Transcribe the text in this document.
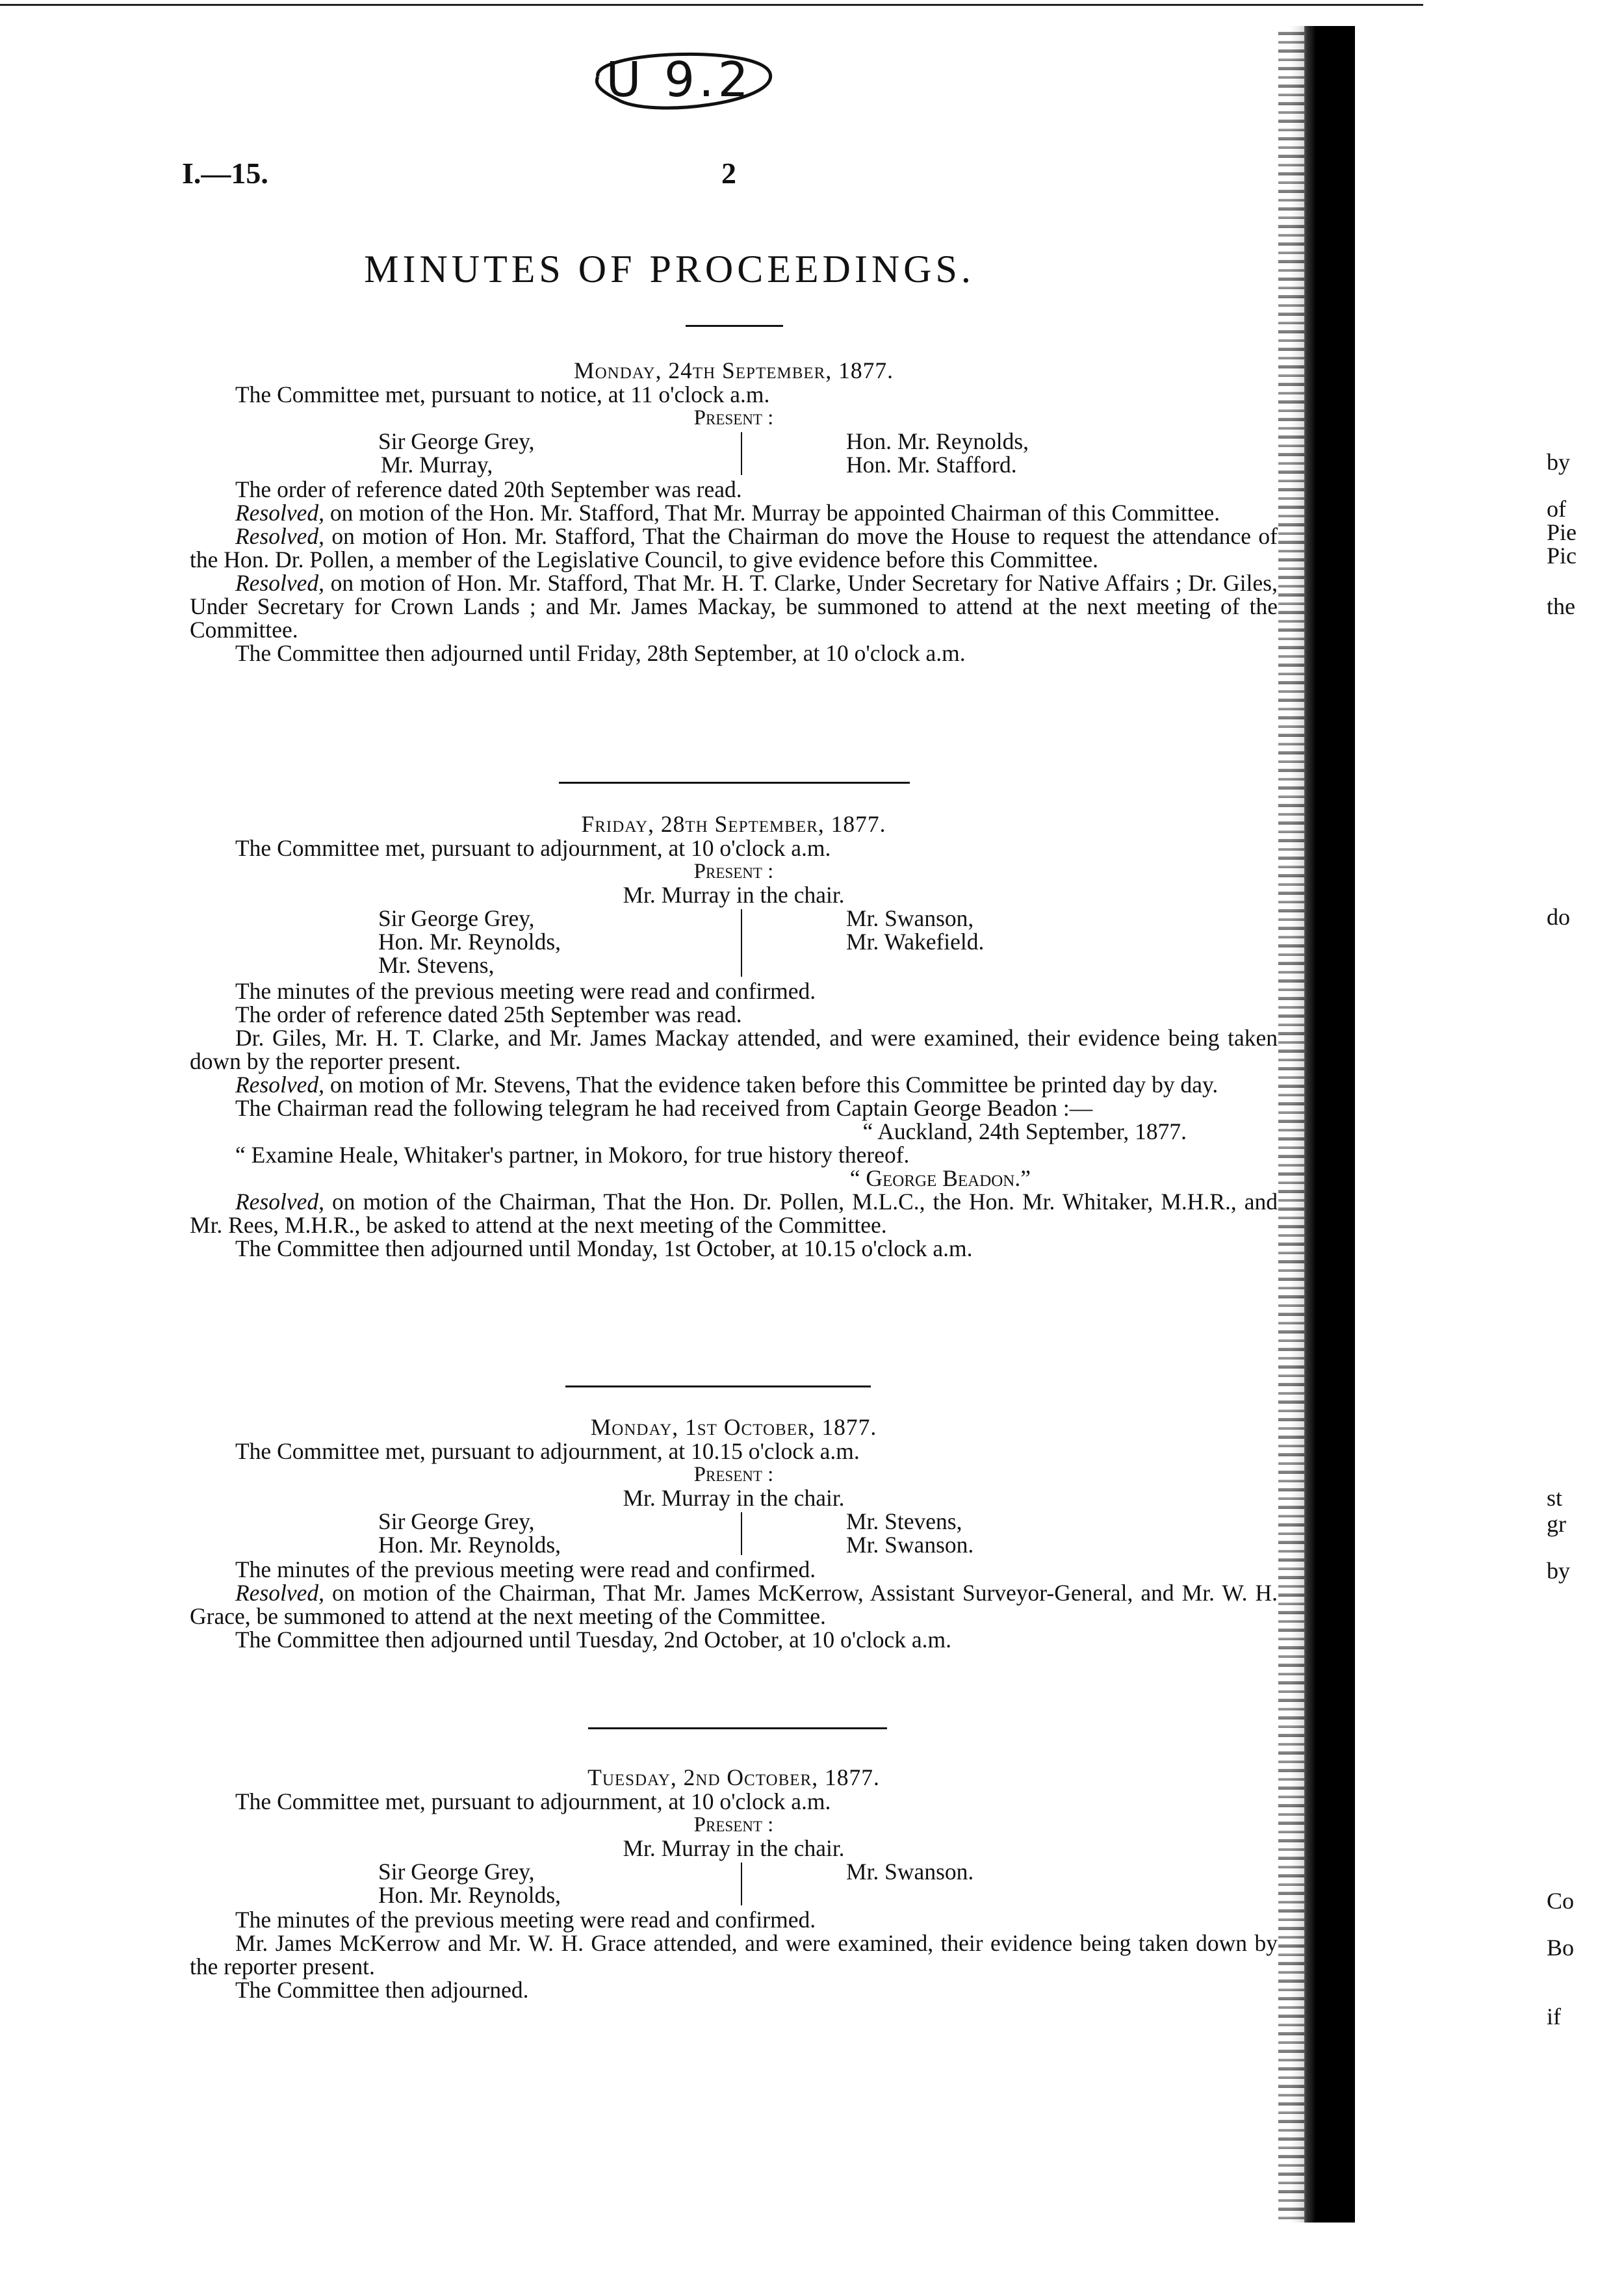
U 9.2
I.—15.	2
MINUTES OF PROCEEDINGS.

Monday, 24th September, 1877.

The Committee met, pursuant to notice, at 11 o'clock a.m.

Present :

Sir George Grey,
Mr. Murray,
Hon. Mr. Reynolds,
Hon. Mr. Stafford.

The order of reference dated 20th September was read.

Resolved, on motion of the Hon. Mr. Stafford, That Mr. Murray be appointed Chairman of this Committee.

Resolved, on motion of Hon. Mr. Stafford, That the Chairman do move the House to request the attendance of the Hon. Dr. Pollen, a member of the Legislative Council, to give evidence before this Committee.

Resolved, on motion of Hon. Mr. Stafford, That Mr. H. T. Clarke, Under Secretary for Native Affairs ; Dr. Giles, Under Secretary for Crown Lands ; and Mr. James Mackay, be summoned to attend at the next meeting of the Committee.

The Committee then adjourned until Friday, 28th September, at 10 o'clock a.m.

Friday, 28th September, 1877.

The Committee met, pursuant to adjournment, at 10 o'clock a.m.

Present :

Mr. Murray in the chair.

Sir George Grey,
Hon. Mr. Reynolds,
Mr. Stevens,
Mr. Swanson,
Mr. Wakefield.

The minutes of the previous meeting were read and confirmed.

The order of reference dated 25th September was read.

Dr. Giles, Mr. H. T. Clarke, and Mr. James Mackay attended, and were examined, their evidence being taken down by the reporter present.

Resolved, on motion of Mr. Stevens, That the evidence taken before this Committee be printed day by day.

The Chairman read the following telegram he had received from Captain George Beadon :—

“ Auckland, 24th September, 1877.

“ Examine Heale, Whitaker's partner, in Mokoro, for true history thereof.

“ George Beadon.”

Resolved, on motion of the Chairman, That the Hon. Dr. Pollen, M.L.C., the Hon. Mr. Whitaker, M.H.R., and Mr. Rees, M.H.R., be asked to attend at the next meeting of the Committee.

The Committee then adjourned until Monday, 1st October, at 10.15 o'clock a.m.

Monday, 1st October, 1877.

The Committee met, pursuant to adjournment, at 10.15 o'clock a.m.

Present :

Mr. Murray in the chair.

Sir George Grey,
Hon. Mr. Reynolds,
Mr. Stevens,
Mr. Swanson.

The minutes of the previous meeting were read and confirmed.

Resolved, on motion of the Chairman, That Mr. James McKerrow, Assistant Surveyor-General, and Mr. W. H. Grace, be summoned to attend at the next meeting of the Committee.

The Committee then adjourned until Tuesday, 2nd October, at 10 o'clock a.m.

Tuesday, 2nd October, 1877.

The Committee met, pursuant to adjournment, at 10 o'clock a.m.

Present :

Mr. Murray in the chair.

Sir George Grey,
Hon. Mr. Reynolds,
Mr. Swanson.

The minutes of the previous meeting were read and confirmed.

Mr. James McKerrow and Mr. W. H. Grace attended, and were examined, their evidence being taken down by the reporter present.

The Committee then adjourned.

by
of
Pie
Pic
the
do
st
gr
by
Co
Bo
if
